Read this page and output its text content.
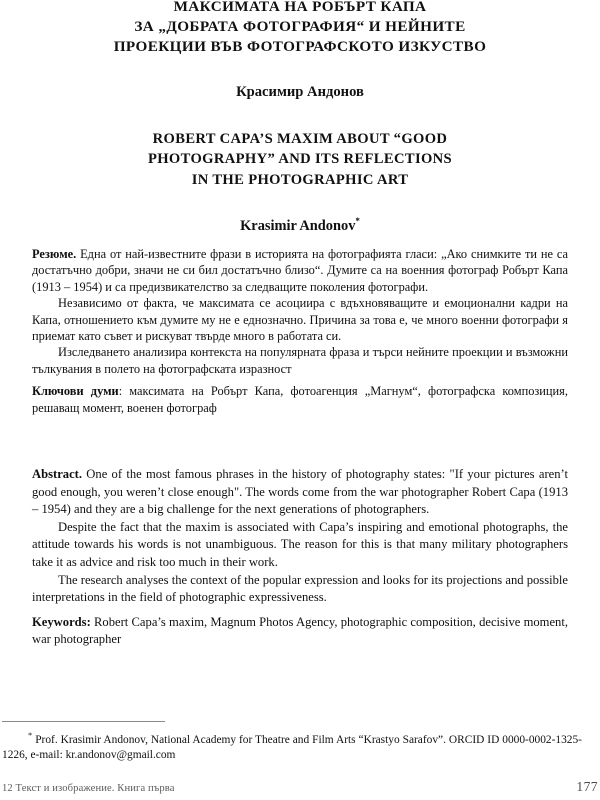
МАКСИМАТА НА РОБЪРТ КАПА
ЗА „ДОБРАТА ФОТОГРАФИЯ“ И НЕЙНИТЕ
ПРОЕКЦИИ ВЪВ ФОТОГРАФСКОТО ИЗКУСТВО

Красимир Андонов

ROBERT CAPA’S MAXIM ABOUT “GOOD
PHOTOGRAPHY” AND ITS REFLECTIONS
IN THE PHOTOGRAPHIC ART

Krasimir Andonov*

Резюме. Една от най-известните фрази в историята на фотографията гласи: „Ако снимките ти не са достатъчно добри, значи не си бил достатъчно близо“. Думите са на военния фотограф Робърт Капа (1913 – 1954) и са предизвикателство за следващите поколения фотографи.

Независимо от факта, че максимата се асоциира с вдъхновяващите и емоционални кадри на Капа, отношението към думите му не е еднозначно. Причина за това е, че много военни фотографи я приемат като съвет и рискуват твърде много в работата си.

Изследването анализира контекста на популярната фраза и търси нейните проекции и възможни тълкувания в полето на фотографската изразност

Ключови думи: максимата на Робърт Капа, фотоагенция „Магнум“, фотографска композиция, решаващ момент, военен фотограф

Abstract. One of the most famous phrases in the history of photography states: "If your pictures aren’t good enough, you weren’t close enough". The words come from the war photographer Robert Capa (1913 – 1954) and they are a big challenge for the next generations of photographers.

Despite the fact that the maxim is associated with Capa’s inspiring and emotional photographs, the attitude towards his words is not unambiguous. The reason for this is that many military photographers take it as advice and risk too much in their work.

The research analyses the context of the popular expression and looks for its projections and possible interpretations in the field of photographic expressiveness.

Keywords: Robert Capa’s maxim, Magnum Photos Agency, photographic composition, decisive moment, war photographer

* Prof. Krasimir Andonov, National Academy for Theatre and Film Arts “Krastyo Sarafov”. ORCID ID 0000-0002-1325-1226, e-mail: kr.andonov@gmail.com

12 Текст и изображение. Книга първа	177
